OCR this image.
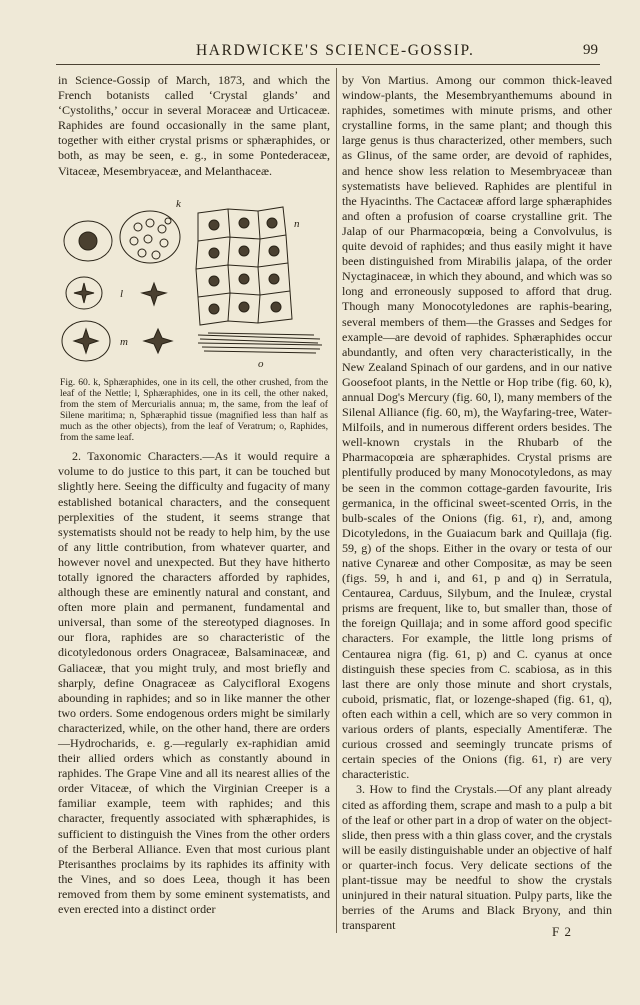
HARDWICKE'S SCIENCE-GOSSIP.	99

in Science-Gossip of March, 1873, and which the French botanists called ‘Crystal glands’ and ‘Cystoliths,’ occur in several Moraceæ and Urticaceæ. Raphides are found occasionally in the same plant, together with either crystal prisms or sphæraphides, or both, as may be seen, e. g., in some Pontederaceæ, Vitaceæ, Mesembryaceæ, and Melanthaceæ.

k
l
m
n
o

Fig. 60. k, Sphæraphides, one in its cell, the other crushed, from the leaf of the Nettle; l, Sphæraphides, one in its cell, the other naked, from the stem of Mercurialis annua; m, the same, from the leaf of Silene maritima; n, Sphæraphid tissue (magnified less than half as much as the other objects), from the leaf of Veratrum; o, Raphides, from the same leaf.

2. Taxonomic Characters.—As it would require a volume to do justice to this part, it can be touched but slightly here. Seeing the difficulty and fugacity of many established botanical characters, and the consequent perplexities of the student, it seems strange that systematists should not be ready to help him, by the use of any little contribution, from whatever quarter, and however novel and unexpected. But they have hitherto totally ignored the characters afforded by raphides, although these are eminently natural and constant, and often more plain and permanent, fundamental and universal, than some of the stereotyped diagnoses. In our flora, raphides are so characteristic of the dicotyledonous orders Onagraceæ, Balsaminaceæ, and Galiaceæ, that you might truly, and most briefly and sharply, define Onagraceæ as Calycifloral Exogens abounding in raphides; and so in like manner the other two orders. Some endogenous orders might be similarly characterized, while, on the other hand, there are orders —Hydrocharids, e. g.—regularly ex-raphidian amid their allied orders which as constantly abound in raphides. The Grape Vine and all its nearest allies of the order Vitaceæ, of which the Virginian Creeper is a familiar example, teem with raphides; and this character, frequently associated with sphæraphides, is sufficient to distinguish the Vines from the other orders of the Berberal Alliance. Even that most curious plant Pterisanthes proclaims by its raphides its affinity with the Vines, and so does Leea, though it has been removed from them by some eminent systematists, and even erected into a distinct order

by Von Martius. Among our common thick-leaved window-plants, the Mesembryanthemums abound in raphides, sometimes with minute prisms, and other crystalline forms, in the same plant; and though this large genus is thus characterized, other members, such as Glinus, of the same order, are devoid of raphides, and hence show less relation to Mesembryaceæ than systematists have believed. Raphides are plentiful in the Hyacinths. The Cactaceæ afford large sphæraphides and often a profusion of coarse crystalline grit. The Jalap of our Pharmacopœia, being a Convolvulus, is quite devoid of raphides; and thus easily might it have been distinguished from Mirabilis jalapa, of the order Nyctaginaceæ, in which they abound, and which was so long and erroneously supposed to afford that drug. Though many Monocotyledones are raphis-bearing, several members of them—the Grasses and Sedges for example—are devoid of raphides. Sphæraphides occur abundantly, and often very characteristically, in the New Zealand Spinach of our gardens, and in our native Goosefoot plants, in the Nettle or Hop tribe (fig. 60, k), annual Dog's Mercury (fig. 60, l), many members of the Silenal Alliance (fig. 60, m), the Wayfaring-tree, Water-Milfoils, and in numerous different orders besides. The well-known crystals in the Rhubarb of the Pharmacopœia are sphæraphides. Crystal prisms are plentifully produced by many Monocotyledons, as may be seen in the common cottage-garden favourite, Iris germanica, in the officinal sweet-scented Orris, in the bulb-scales of the Onions (fig. 61, r), and, among Dicotyledons, in the Guaiacum bark and Quillaja (fig. 59, g) of the shops. Either in the ovary or testa of our native Cynareæ and other Compositæ, as may be seen (figs. 59, h and i, and 61, p and q) in Serratula, Centaurea, Carduus, Silybum, and the Inuleæ, crystal prisms are frequent, like to, but smaller than, those of the foreign Quillaja; and in some afford good specific characters. For example, the little long prisms of Centaurea nigra (fig. 61, p) and C. cyanus at once distinguish these species from C. scabiosa, as in this last there are only those minute and short crystals, cuboid, prismatic, flat, or lozenge-shaped (fig. 61, q), often each within a cell, which are so very common in various orders of plants, especially Amentiferæ. The curious crossed and seemingly truncate prisms of certain species of the Onions (fig. 61, r) are very characteristic.

3. How to find the Crystals.—Of any plant already cited as affording them, scrape and mash to a pulp a bit of the leaf or other part in a drop of water on the object-slide, then press with a thin glass cover, and the crystals will be easily distinguishable under an objective of half or quarter-inch focus. Very delicate sections of the plant-tissue may be needful to show the crystals uninjured in their natural situation. Pulpy parts, like the berries of the Arums and Black Bryony, and thin transparent	F 2
